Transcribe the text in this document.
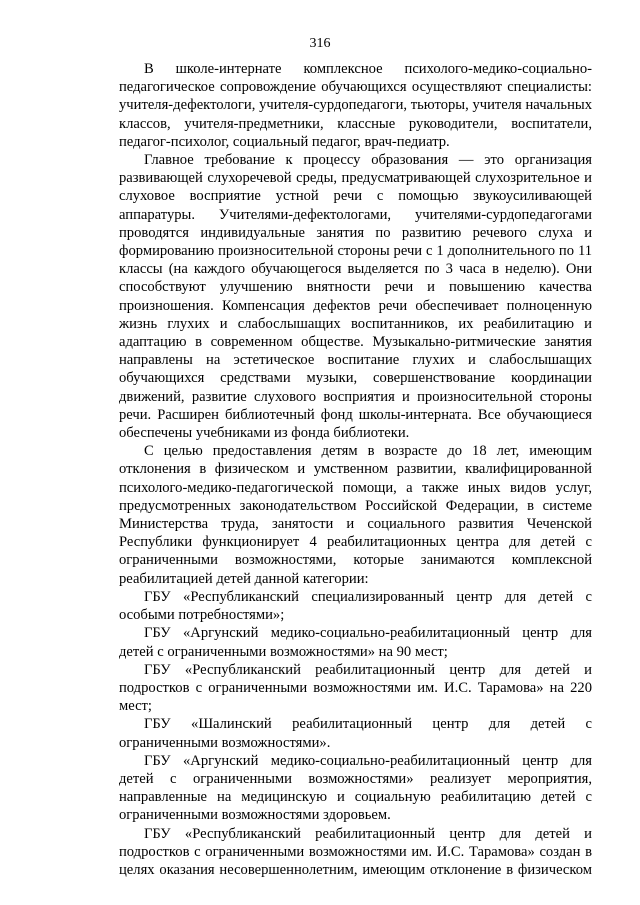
316

В школе-интернате комплексное психолого-медико-социально-педагогическое сопровождение обучающихся осуществляют специалисты: учителя-дефектологи, учителя-сурдопедагоги, тьюторы, учителя начальных классов, учителя-предметники, классные руководители, воспитатели, педагог-психолог, социальный педагог, врач-педиатр.

Главное требование к процессу образования — это организация развивающей слухоречевой среды, предусматривающей слухозрительное и слуховое восприятие устной речи с помощью звукоусиливающей аппаратуры. Учителями-дефектологами, учителями-сурдопедагогами проводятся индивидуальные занятия по развитию речевого слуха и формированию произносительной стороны речи с 1 дополнительного по 11 классы (на каждого обучающегося выделяется по 3 часа в неделю). Они способствуют улучшению внятности речи и повышению качества произношения. Компенсация дефектов речи обеспечивает полноценную жизнь глухих и слабослышащих воспитанников, их реабилитацию и адаптацию в современном обществе. Музыкально-ритмические занятия направлены на эстетическое воспитание глухих и слабослышащих обучающихся средствами музыки, совершенствование координации движений, развитие слухового восприятия и произносительной стороны речи. Расширен библиотечный фонд школы-интерната. Все обучающиеся обеспечены учебниками из фонда библиотеки.

С целью предоставления детям в возрасте до 18 лет, имеющим отклонения в физическом и умственном развитии, квалифицированной психолого-медико-педагогической помощи, а также иных видов услуг, предусмотренных законодательством Российской Федерации, в системе Министерства труда, занятости и социального развития Чеченской Республики функционирует 4 реабилитационных центра для детей с ограниченными возможностями, которые занимаются комплексной реабилитацией детей данной категории:

ГБУ «Республиканский специализированный центр для детей с особыми потребностями»;

ГБУ «Аргунский медико-социально-реабилитационный центр для детей с ограниченными возможностями» на 90 мест;

ГБУ «Республиканский реабилитационный центр для детей и подростков с ограниченными возможностями им. И.С. Тарамова» на 220 мест;

ГБУ «Шалинский реабилитационный центр для детей с ограниченными возможностями».

ГБУ «Аргунский медико-социально-реабилитационный центр для детей с ограниченными возможностями» реализует мероприятия, направленные на медицинскую и социальную реабилитацию детей с ограниченными возможностями здоровьем.

ГБУ «Республиканский реабилитационный центр для детей и подростков с ограниченными возможностями им. И.С. Тарамова» создан в целях оказания несовершеннолетним, имеющим отклонение в физическом
